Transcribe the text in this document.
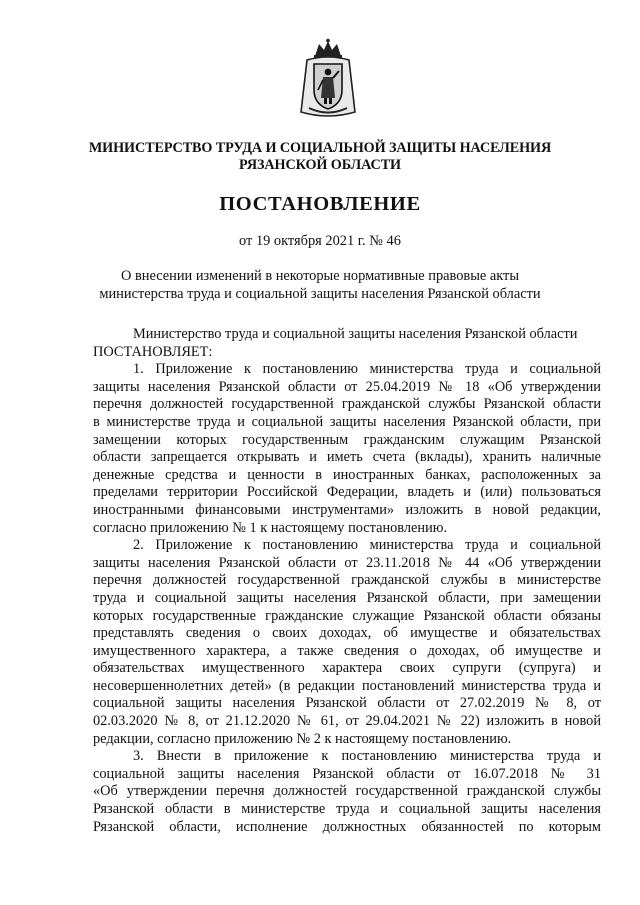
МИНИСТЕРСТВО ТРУДА И СОЦИАЛЬНОЙ ЗАЩИТЫ НАСЕЛЕНИЯ
РЯЗАНСКОЙ ОБЛАСТИ
ПОСТАНОВЛЕНИЕ
от 19 октября 2021 г. № 46
О внесении изменений в некоторые нормативные правовые акты
министерства труда и социальной защиты населения Рязанской области
Министерство труда и социальной защиты населения Рязанской области
ПОСТАНОВЛЯЕТ:
1. Приложение к постановлению министерства труда и социальной
защиты населения Рязанской области от 25.04.2019 № 18 «Об утверждении
перечня должностей государственной гражданской службы Рязанской области
в министерстве труда и социальной защиты населения Рязанской области, при
замещении которых государственным гражданским служащим Рязанской
области запрещается открывать и иметь счета (вклады), хранить наличные
денежные средства и ценности в иностранных банках, расположенных за
пределами территории Российской Федерации, владеть и (или) пользоваться
иностранными финансовыми инструментами» изложить в новой редакции,
согласно приложению № 1 к настоящему постановлению.
2. Приложение к постановлению министерства труда и социальной
защиты населения Рязанской области от 23.11.2018 № 44 «Об утверждении
перечня должностей государственной гражданской службы в министерстве
труда и социальной защиты населения Рязанской области, при замещении
которых государственные гражданские служащие Рязанской области обязаны
представлять сведения о своих доходах, об имуществе и обязательствах
имущественного характера, а также сведения о доходах, об имуществе и
обязательствах имущественного характера своих супруги (супруга) и
несовершеннолетних детей» (в редакции постановлений министерства труда и
социальной защиты населения Рязанской области от 27.02.2019 № 8, от
02.03.2020 № 8, от 21.12.2020 № 61, от 29.04.2021 № 22) изложить в новой
редакции, согласно приложению № 2 к настоящему постановлению.
3. Внести в приложение к постановлению министерства труда и
социальной защиты населения Рязанской области от 16.07.2018 № 31
«Об утверждении перечня должностей государственной гражданской службы
Рязанской области в министерстве труда и социальной защиты населения
Рязанской области, исполнение должностных обязанностей по которым
